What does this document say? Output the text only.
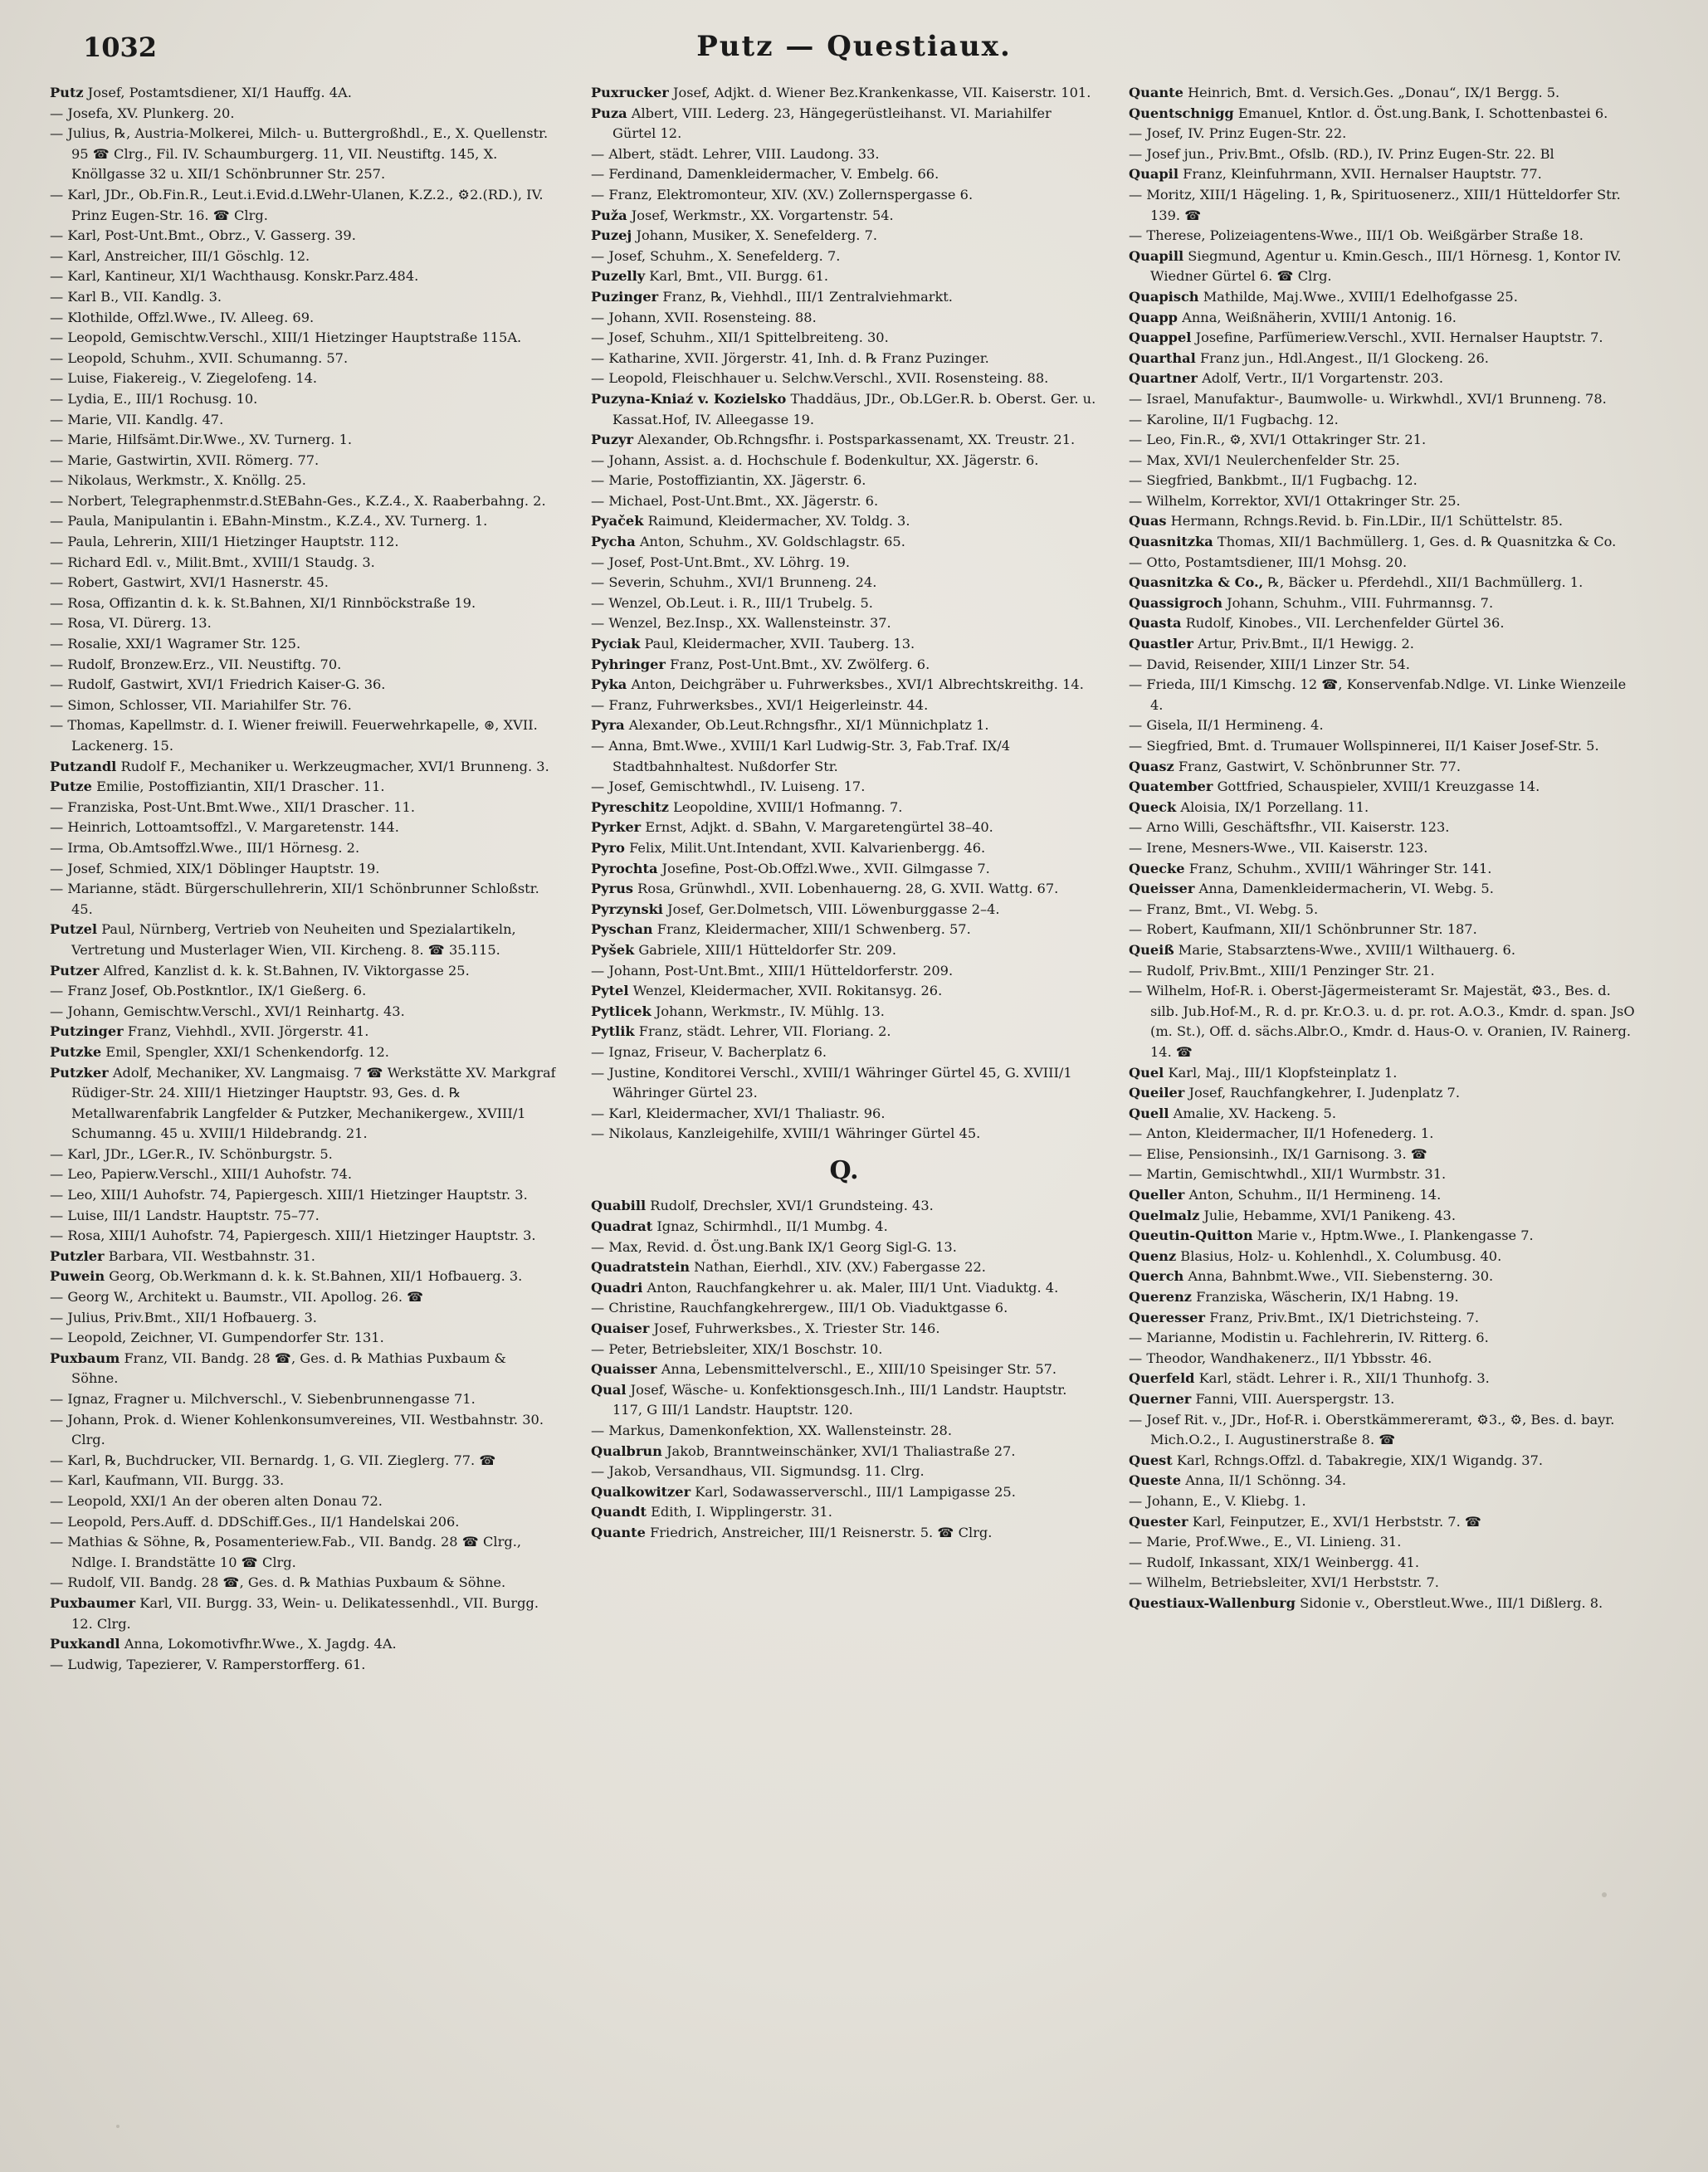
1032	Putz — Questiaux.

Putz Josef, Postamtsdiener, XI/1 Hauffg. 4A.

— Josefa, XV. Plunkerg. 20.

— Julius, ℞, Austria-Molkerei, Milch- u. Buttergroßhdl., E., X. Quellenstr. 95 ☎ Clrg., Fil. IV. Schaumburgerg. 11, VII. Neustiftg. 145, X. Knöllgasse 32 u. XII/1 Schönbrunner Str. 257.

— Karl, JDr., Ob.Fin.R., Leut.i.Evid.d.LWehr-Ulanen, K.Z.2., ⚙2.(RD.), IV. Prinz Eugen-Str. 16. ☎ Clrg.

— Karl, Post-Unt.Bmt., Obrz., V. Gasserg. 39.

— Karl, Anstreicher, III/1 Göschlg. 12.

— Karl, Kantineur, XI/1 Wachthausg. Konskr.Parz.484.

— Karl B., VII. Kandlg. 3.

— Klothilde, Offzl.Wwe., IV. Alleeg. 69.

— Leopold, Gemischtw.Verschl., XIII/1 Hietzinger Hauptstraße 115A.

— Leopold, Schuhm., XVII. Schumanng. 57.

— Luise, Fiakereig., V. Ziegelofeng. 14.

— Lydia, E., III/1 Rochusg. 10.

— Marie, VII. Kandlg. 47.

— Marie, Hilfsämt.Dir.Wwe., XV. Turnerg. 1.

— Marie, Gastwirtin, XVII. Römerg. 77.

— Nikolaus, Werkmstr., X. Knöllg. 25.

— Norbert, Telegraphenmstr.d.StEBahn-Ges., K.Z.4., X. Raaberbahng. 2.

— Paula, Manipulantin i. EBahn-Minstm., K.Z.4., XV. Turnerg. 1.

— Paula, Lehrerin, XIII/1 Hietzinger Hauptstr. 112.

— Richard Edl. v., Milit.Bmt., XVIII/1 Staudg. 3.

— Robert, Gastwirt, XVI/1 Hasnerstr. 45.

— Rosa, Offizantin d. k. k. St.Bahnen, XI/1 Rinnböckstraße 19.

— Rosa, VI. Dürerg. 13.

— Rosalie, XXI/1 Wagramer Str. 125.

— Rudolf, Bronzew.Erz., VII. Neustiftg. 70.

— Rudolf, Gastwirt, XVI/1 Friedrich Kaiser-G. 36.

— Simon, Schlosser, VII. Mariahilfer Str. 76.

— Thomas, Kapellmstr. d. I. Wiener freiwill. Feuerwehrkapelle, ⊛, XVII. Lackenerg. 15.

Putzandl Rudolf F., Mechaniker u. Werkzeugmacher, XVI/1 Brunneng. 3.

Putze Emilie, Postoffiziantin, XII/1 Draschег. 11.

— Franziska, Post-Unt.Bmt.Wwe., XII/1 Draschег. 11.

— Heinrich, Lottoamtsoffzl., V. Margaretenstr. 144.

— Irma, Ob.Amtsoffzl.Wwe., III/1 Hörnesg. 2.

— Josef, Schmied, XIX/1 Döblinger Hauptstr. 19.

— Marianne, städt. Bürgerschullehrerin, XII/1 Schönbrunner Schloßstr. 45.

Putzel Paul, Nürnberg, Vertrieb von Neuheiten und Spezialartikeln, Vertretung und Musterlager Wien, VII. Kircheng. 8. ☎ 35.115.

Putzer Alfred, Kanzlist d. k. k. St.Bahnen, IV. Viktorgasse 25.

— Franz Josef, Ob.Postkntlor., IX/1 Gießerg. 6.

— Johann, Gemischtw.Verschl., XVI/1 Reinhartg. 43.

Putzinger Franz, Viehhdl., XVII. Jörgerstr. 41.

Putzke Emil, Spengler, XXI/1 Schenkendorfg. 12.

Putzker Adolf, Mechaniker, XV. Langmaisg. 7 ☎ Werkstätte XV. Markgraf Rüdiger-Str. 24. XIII/1 Hietzinger Hauptstr. 93, Ges. d. ℞ Metallwarenfabrik Langfelder & Putzker, Mechanikergew., XVIII/1 Schumanng. 45 u. XVIII/1 Hildebrandg. 21.

— Karl, JDr., LGer.R., IV. Schönburgstr. 5.

— Leo, Papierw.Verschl., XIII/1 Auhofstr. 74.

— Leo, XIII/1 Auhofstr. 74, Papiergesch. XIII/1 Hietzinger Hauptstr. 3.

— Luise, III/1 Landstr. Hauptstr. 75–77.

— Rosa, XIII/1 Auhofstr. 74, Papiergesch. XIII/1 Hietzinger Hauptstr. 3.

Putzler Barbara, VII. Westbahnstr. 31.

Puwein Georg, Ob.Werkmann d. k. k. St.Bahnen, XII/1 Hofbauerg. 3.

— Georg W., Architekt u. Baumstr., VII. Apollog. 26. ☎

— Julius, Priv.Bmt., XII/1 Hofbauerg. 3.

— Leopold, Zeichner, VI. Gumpendorfer Str. 131.

Puxbaum Franz, VII. Bandg. 28 ☎, Ges. d. ℞ Mathias Puxbaum & Söhne.

— Ignaz, Fragner u. Milchverschl., V. Siebenbrunnengasse 71.

— Johann, Prok. d. Wiener Kohlenkonsumvereines, VII. Westbahnstr. 30. Clrg.

— Karl, ℞, Buchdrucker, VII. Bernardg. 1, G. VII. Zieglerg. 77. ☎

— Karl, Kaufmann, VII. Burgg. 33.

— Leopold, XXI/1 An der oberen alten Donau 72.

— Leopold, Pers.Auff. d. DDSchiff.Ges., II/1 Handelskai 206.

— Mathias & Söhne, ℞, Posamenteriew.Fab., VII. Bandg. 28 ☎ Clrg., Ndlge. I. Brandstätte 10 ☎ Clrg.

— Rudolf, VII. Bandg. 28 ☎, Ges. d. ℞ Mathias Puxbaum & Söhne.

Puxbaumer Karl, VII. Burgg. 33, Wein- u. Delikatessenhdl., VII. Burgg. 12. Clrg.

Puxkandl Anna, Lokomotivfhr.Wwe., X. Jagdg. 4A.

— Ludwig, Tapezierer, V. Ramperstorfferg. 61.

Puxrucker Josef, Adjkt. d. Wiener Bez.Krankenkasse, VII. Kaiserstr. 101.

Puza Albert, VIII. Lederg. 23, Hängegerüstleihanst. VI. Mariahilfer Gürtel 12.

— Albert, städt. Lehrer, VIII. Laudong. 33.

— Ferdinand, Damenkleidermacher, V. Embelg. 66.

— Franz, Elektromonteur, XIV. (XV.) Zollernspergasse 6.

Puža Josef, Werkmstr., XX. Vorgartenstr. 54.

Puzej Johann, Musiker, X. Senefelderg. 7.

— Josef, Schuhm., X. Senefelderg. 7.

Puzelly Karl, Bmt., VII. Burgg. 61.

Puzinger Franz, ℞, Viehhdl., III/1 Zentralviehmarkt.

— Johann, XVII. Rosensteing. 88.

— Josef, Schuhm., XII/1 Spittelbreiteng. 30.

— Katharine, XVII. Jörgerstr. 41, Inh. d. ℞ Franz Puzinger.

— Leopold, Fleischhauer u. Selchw.Verschl., XVII. Rosensteing. 88.

Puzyna-Kniaź v. Kozielsko Thaddäus, JDr., Ob.LGer.R. b. Oberst. Ger. u. Kassat.Hof, IV. Alleegasse 19.

Puzyr Alexander, Ob.Rchngsfhr. i. Postsparkassenamt, XX. Treustr. 21.

— Johann, Assist. a. d. Hochschule f. Bodenkultur, XX. Jägerstr. 6.

— Marie, Postoffiziantin, XX. Jägerstr. 6.

— Michael, Post-Unt.Bmt., XX. Jägerstr. 6.

Pyaček Raimund, Kleidermacher, XV. Toldg. 3.

Pycha Anton, Schuhm., XV. Goldschlagstr. 65.

— Josef, Post-Unt.Bmt., XV. Löhrg. 19.

— Severin, Schuhm., XVI/1 Brunneng. 24.

— Wenzel, Ob.Leut. i. R., III/1 Trubelg. 5.

— Wenzel, Bez.Insp., XX. Wallensteinstr. 37.

Pyciak Paul, Kleidermacher, XVII. Tauberg. 13.

Pyhringer Franz, Post-Unt.Bmt., XV. Zwölferg. 6.

Pyka Anton, Deichgräber u. Fuhrwerksbes., XVI/1 Albrechtskreithg. 14.

— Franz, Fuhrwerksbes., XVI/1 Heigerleinstr. 44.

Pyra Alexander, Ob.Leut.Rchngsfhr., XI/1 Münnichplatz 1.

— Anna, Bmt.Wwe., XVIII/1 Karl Ludwig-Str. 3, Fab.Traf. IX/4 Stadtbahnhaltest. Nußdorfer Str.

— Josef, Gemischtwhdl., IV. Luiseng. 17.

Pyreschitz Leopoldine, XVIII/1 Hofmanng. 7.

Pyrker Ernst, Adjkt. d. SBahn, V. Margaretengürtel 38–40.

Pyro Felix, Milit.Unt.Intendant, XVII. Kalvarienbergg. 46.

Pyrochta Josefine, Post-Ob.Offzl.Wwe., XVII. Gilmgasse 7.

Pyrus Rosa, Grünwhdl., XVII. Lobenhauerng. 28, G. XVII. Wattg. 67.

Pyrzynski Josef, Ger.Dolmetsch, VIII. Löwenburggasse 2–4.

Pyschan Franz, Kleidermacher, XIII/1 Schwenberg. 57.

Pyšek Gabriele, XIII/1 Hütteldorfer Str. 209.

— Johann, Post-Unt.Bmt., XIII/1 Hütteldorferstr. 209.

Pytel Wenzel, Kleidermacher, XVII. Rokitansyg. 26.

Pytlicek Johann, Werkmstr., IV. Mühlg. 13.

Pytlik Franz, städt. Lehrer, VII. Floriang. 2.

— Ignaz, Friseur, V. Bacherplatz 6.

— Justine, Konditorei Verschl., XVIII/1 Währinger Gürtel 45, G. XVIII/1 Währinger Gürtel 23.

— Karl, Kleidermacher, XVI/1 Thaliastr. 96.

— Nikolaus, Kanzleigehilfe, XVIII/1 Währinger Gürtel 45.

Q.

Quabill Rudolf, Drechsler, XVI/1 Grundsteing. 43.

Quadrat Ignaz, Schirmhdl., II/1 Mumbg. 4.

— Max, Revid. d. Öst.ung.Bank IX/1 Georg Sigl-G. 13.

Quadratstein Nathan, Eierhdl., XIV. (XV.) Fabergasse 22.

Quadri Anton, Rauchfangkehrer u. ak. Maler, III/1 Unt. Viaduktg. 4.

— Christine, Rauchfangkehrergew., III/1 Ob. Viaduktgasse 6.

Quaiser Josef, Fuhrwerksbes., X. Triester Str. 146.

— Peter, Betriebsleiter, XIX/1 Boschstr. 10.

Quaisser Anna, Lebensmittelverschl., E., XIII/10 Speisinger Str. 57.

Qual Josef, Wäsche- u. Konfektionsgesch.Inh., III/1 Landstr. Hauptstr. 117, G III/1 Landstr. Hauptstr. 120.

— Markus, Damenkonfektion, XX. Wallensteinstr. 28.

Qualbrun Jakob, Branntweinschänker, XVI/1 Thaliastraße 27.

— Jakob, Versandhaus, VII. Sigmundsg. 11. Clrg.

Qualkowitzer Karl, Sodawasserverschl., III/1 Lampigasse 25.

Quandt Edith, I. Wipplingerstr. 31.

Quante Friedrich, Anstreicher, III/1 Reisnerstr. 5. ☎ Clrg.

Quante Heinrich, Bmt. d. Versich.Ges. „Donau“, IX/1 Bergg. 5.

Quentschnigg Emanuel, Kntlor. d. Öst.ung.Bank, I. Schottenbastei 6.

— Josef, IV. Prinz Eugen-Str. 22.

— Josef jun., Priv.Bmt., Ofslb. (RD.), IV. Prinz Eugen-Str. 22. Bl

Quapil Franz, Kleinfuhrmann, XVII. Hernalser Hauptstr. 77.

— Moritz, XIII/1 Hägeling. 1, ℞, Spirituosenerz., XIII/1 Hütteldorfer Str. 139. ☎

— Therese, Polizeiagentens-Wwe., III/1 Ob. Weißgärber Straße 18.

Quapill Siegmund, Agentur u. Kmin.Gesch., III/1 Hörnesg. 1, Kontor IV. Wiedner Gürtel 6. ☎ Clrg.

Quapisch Mathilde, Maj.Wwe., XVIII/1 Edelhofgasse 25.

Quapp Anna, Weißnäherin, XVIII/1 Antonig. 16.

Quappel Josefine, Parfümeriew.Verschl., XVII. Hernalser Hauptstr. 7.

Quarthal Franz jun., Hdl.Angest., II/1 Glockeng. 26.

Quartner Adolf, Vertr., II/1 Vorgartenstr. 203.

— Israel, Manufaktur-, Baumwolle- u. Wirkwhdl., XVI/1 Brunneng. 78.

— Karoline, II/1 Fugbachg. 12.

— Leo, Fin.R., ⚙, XVI/1 Ottakringer Str. 21.

— Max, XVI/1 Neulerchenfelder Str. 25.

— Siegfried, Bankbmt., II/1 Fugbachg. 12.

— Wilhelm, Korrektor, XVI/1 Ottakringer Str. 25.

Quas Hermann, Rchngs.Revid. b. Fin.LDir., II/1 Schüttelstr. 85.

Quasnitzka Thomas, XII/1 Bachmüllerg. 1, Ges. d. ℞ Quasnitzka & Co.

— Otto, Postamtsdiener, III/1 Mohsg. 20.

Quasnitzka & Co., ℞, Bäcker u. Pferdehdl., XII/1 Bachmüllerg. 1.

Quassigroch Johann, Schuhm., VIII. Fuhrmannsg. 7.

Quasta Rudolf, Kinobes., VII. Lerchenfelder Gürtel 36.

Quastler Artur, Priv.Bmt., II/1 Hewigg. 2.

— David, Reisender, XIII/1 Linzer Str. 54.

— Frieda, III/1 Kimschg. 12 ☎, Konservenfab.Ndlge. VI. Linke Wienzeile 4.

— Gisela, II/1 Hermineng. 4.

— Siegfried, Bmt. d. Trumauer Wollspinnerei, II/1 Kaiser Josef-Str. 5.

Quasz Franz, Gastwirt, V. Schönbrunner Str. 77.

Quatember Gottfried, Schauspieler, XVIII/1 Kreuzgasse 14.

Queck Aloisia, IX/1 Porzellang. 11.

— Arno Willi, Geschäftsfhr., VII. Kaiserstr. 123.

— Irene, Mesners-Wwe., VII. Kaiserstr. 123.

Quecke Franz, Schuhm., XVIII/1 Währinger Str. 141.

Queisser Anna, Damenkleidermacherin, VI. Webg. 5.

— Franz, Bmt., VI. Webg. 5.

— Robert, Kaufmann, XII/1 Schönbrunner Str. 187.

Queiß Marie, Stabsarztens-Wwe., XVIII/1 Wilthauerg. 6.

— Rudolf, Priv.Bmt., XIII/1 Penzinger Str. 21.

— Wilhelm, Hof-R. i. Oberst-Jägermeisteramt Sr. Majestät, ⚙3., Bes. d. silb. Jub.Hof-M., R. d. pr. Kr.O.3. u. d. pr. rot. A.O.3., Kmdr. d. span. JsO (m. St.), Off. d. sächs.Albr.O., Kmdr. d. Haus-O. v. Oranien, IV. Rainerg. 14. ☎

Quel Karl, Maj., III/1 Klopfsteinplatz 1.

Queiler Josef, Rauchfangkehrer, I. Judenplatz 7.

Quell Amalie, XV. Hackeng. 5.

— Anton, Kleidermacher, II/1 Hofenederg. 1.

— Elise, Pensionsinh., IX/1 Garnisong. 3. ☎

— Martin, Gemischtwhdl., XII/1 Wurmbstr. 31.

Queller Anton, Schuhm., II/1 Hermineng. 14.

Quelmalz Julie, Hebamme, XVI/1 Panikeng. 43.

Queutin-Quitton Marie v., Hptm.Wwe., I. Plankengasse 7.

Quenz Blasius, Holz- u. Kohlenhdl., X. Columbusg. 40.

Querch Anna, Bahnbmt.Wwe., VII. Siebensterng. 30.

Querenz Franziska, Wäscherin, IX/1 Habng. 19.

Queresser Franz, Priv.Bmt., IX/1 Dietrichsteing. 7.

— Marianne, Modistin u. Fachlehrerin, IV. Ritterg. 6.

— Theodor, Wandhakenerz., II/1 Ybbsstr. 46.

Querfeld Karl, städt. Lehrer i. R., XII/1 Thunhofg. 3.

Querner Fanni, VIII. Auerspergstr. 13.

— Josef Rit. v., JDr., Hof-R. i. Oberstkämmereramt, ⚙3., ⚙, Bes. d. bayr. Mich.O.2., I. Augustinerstraße 8. ☎

Quest Karl, Rchngs.Offzl. d. Tabakregie, XIX/1 Wigandg. 37.

Queste Anna, II/1 Schönng. 34.

— Johann, E., V. Kliebg. 1.

Quester Karl, Feinputzer, E., XVI/1 Herbststr. 7. ☎

— Marie, Prof.Wwe., E., VI. Linieng. 31.

— Rudolf, Inkassant, XIX/1 Weinbergg. 41.

— Wilhelm, Betriebsleiter, XVI/1 Herbststr. 7.

Questiaux-Wallenburg Sidonie v., Oberstleut.Wwe., III/1 Dißlerg. 8.
